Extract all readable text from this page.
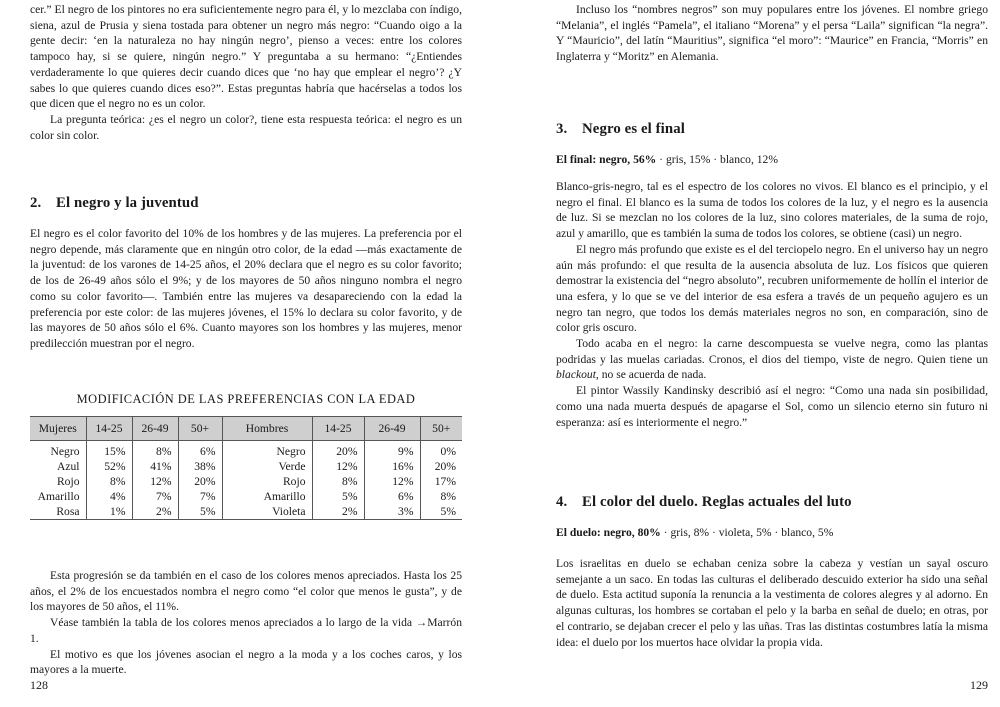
cer.” El negro de los pintores no era suficientemente negro para él, y lo mezclaba con índigo, siena, azul de Prusia y siena tostada para obtener un negro más negro: “Cuando oigo a la gente decir: ‘en la naturaleza no hay ningún negro’, pienso a veces: entre los colores tampoco hay, si se quiere, ningún negro.” Y preguntaba a su hermano: “¿Entiendes verdaderamente lo que quieres decir cuando dices que ‘no hay que emplear el negro’? ¿Y sabes lo que quieres cuando dices eso?”. Estas preguntas habría que hacérselas a todos los que dicen que el negro no es un color.

La pregunta teórica: ¿es el negro un color?, tiene esta respuesta teórica: el negro es un color sin color.

2. El negro y la juventud

El negro es el color favorito del 10% de los hombres y de las mujeres. La preferencia por el negro depende, más claramente que en ningún otro color, de la edad —más exactamente de la juventud: de los varones de 14-25 años, el 20% declara que el negro es su color favorito; de los de 26-49 años sólo el 9%; y de los mayores de 50 años ninguno nombra el negro como su color favorito—. También entre las mujeres va desapareciendo con la edad la preferencia por este color: de las mujeres jóvenes, el 15% lo declara su color favorito, y de las mayores de 50 años sólo el 6%. Cuanto mayores son los hombres y las mujeres, menor predilección muestran por el negro.

MODIFICACIÓN DE LAS PREFERENCIAS CON LA EDAD
Mujeres	14-25	26-49	50+	Hombres	14-25	26-49	50+
Negro	15%	8%	6%	Negro	20%	9%	0%
Azul	52%	41%	38%	Verde	12%	16%	20%
Rojo	8%	12%	20%	Rojo	8%	12%	17%
Amarillo	4%	7%	7%	Amarillo	5%	6%	8%
Rosa	1%	2%	5%	Violeta	2%	3%	5%

Esta progresión se da también en el caso de los colores menos apreciados. Hasta los 25 años, el 2% de los encuestados nombra el negro como “el color que menos le gusta”, y de los mayores de 50 años, el 11%.

Véase también la tabla de los colores menos apreciados a lo largo de la vida →Marrón 1.

El motivo es que los jóvenes asocian el negro a la moda y a los coches caros, y los mayores a la muerte.

128

Incluso los “nombres negros” son muy populares entre los jóvenes. El nombre griego “Melania”, el inglés “Pamela”, el italiano “Morena” y el persa “Laila” significan “la negra”. Y “Mauricio”, del latín “Mauritius”, significa “el moro”: “Maurice” en Francia, “Morris” en Inglaterra y “Moritz” en Alemania.

3. Negro es el final

El final: negro, 56% · gris, 15% · blanco, 12%

Blanco-gris-negro, tal es el espectro de los colores no vivos. El blanco es el principio, y el negro el final. El blanco es la suma de todos los colores de la luz, y el negro es la ausencia de luz. Si se mezclan no los colores de la luz, sino colores materiales, de la suma de rojo, azul y amarillo, que es también la suma de todos los colores, se obtiene (casi) un negro.

El negro más profundo que existe es el del terciopelo negro. En el universo hay un negro aún más profundo: el que resulta de la ausencia absoluta de luz. Los físicos que quieren demostrar la existencia del “negro absoluto”, recubren uniformemente de hollín el interior de una esfera, y lo que se ve del interior de esa esfera a través de un pequeño agujero es un negro tan negro, que todos los demás materiales negros no son, en comparación, sino de color gris oscuro.

Todo acaba en el negro: la carne descompuesta se vuelve negra, como las plantas podridas y las muelas cariadas. Cronos, el dios del tiempo, viste de negro. Quien tiene un blackout, no se acuerda de nada.

El pintor Wassily Kandinsky describió así el negro: “Como una nada sin posibilidad, como una nada muerta después de apagarse el Sol, como un silencio eterno sin futuro ni esperanza: así es interiormente el negro.”

4. El color del duelo. Reglas actuales del luto

El duelo: negro, 80% · gris, 8% · violeta, 5% · blanco, 5%

Los israelitas en duelo se echaban ceniza sobre la cabeza y vestían un sayal oscuro semejante a un saco. En todas las culturas el deliberado descuido exterior ha sido una señal de duelo. Esta actitud suponía la renuncia a la vestimenta de colores alegres y al adorno. En algunas culturas, los hombres se cortaban el pelo y la barba en señal de duelo; en otras, por el contrario, se dejaban crecer el pelo y las uñas. Tras las distintas costumbres latía la misma idea: el duelo por los muertos hace olvidar la propia vida.

129
